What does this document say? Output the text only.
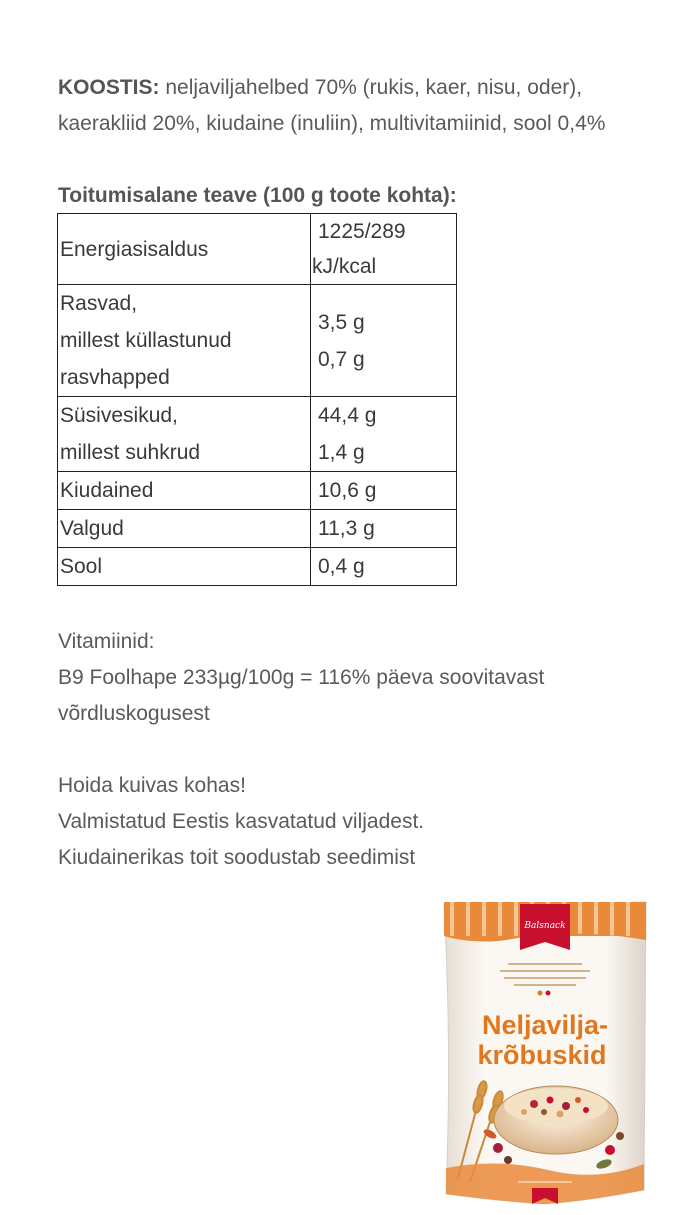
KOOSTIS: neljaviljahelbed 70% (rukis, kaer, nisu, oder),
kaerakliid 20%, kiudaine (inuliin), multivitamiinid, sool 0,4%
Toitumisalane teave (100 g toote kohta):
Energiasisaldus	1225/289
kJ/kcal

Rasvad,
millest küllastunud
rasvhapped	3,5 g
0,7 g

Süsivesikud,
millest suhkrud	44,4 g
1,4 g

Kiudained	10,6 g
Valgud	11,3 g
Sool	0,4 g
Vitamiinid:
B9 Foolhape 233µg/100g = 116% päeva soovitavast
võrdluskogusest
Hoida kuivas kohas!
Valmistatud Eestis kasvatatud viljadest.
Kiudainerikas toit soodustab seedimist
Balsnack
Neljavilja-
krõbuskid
